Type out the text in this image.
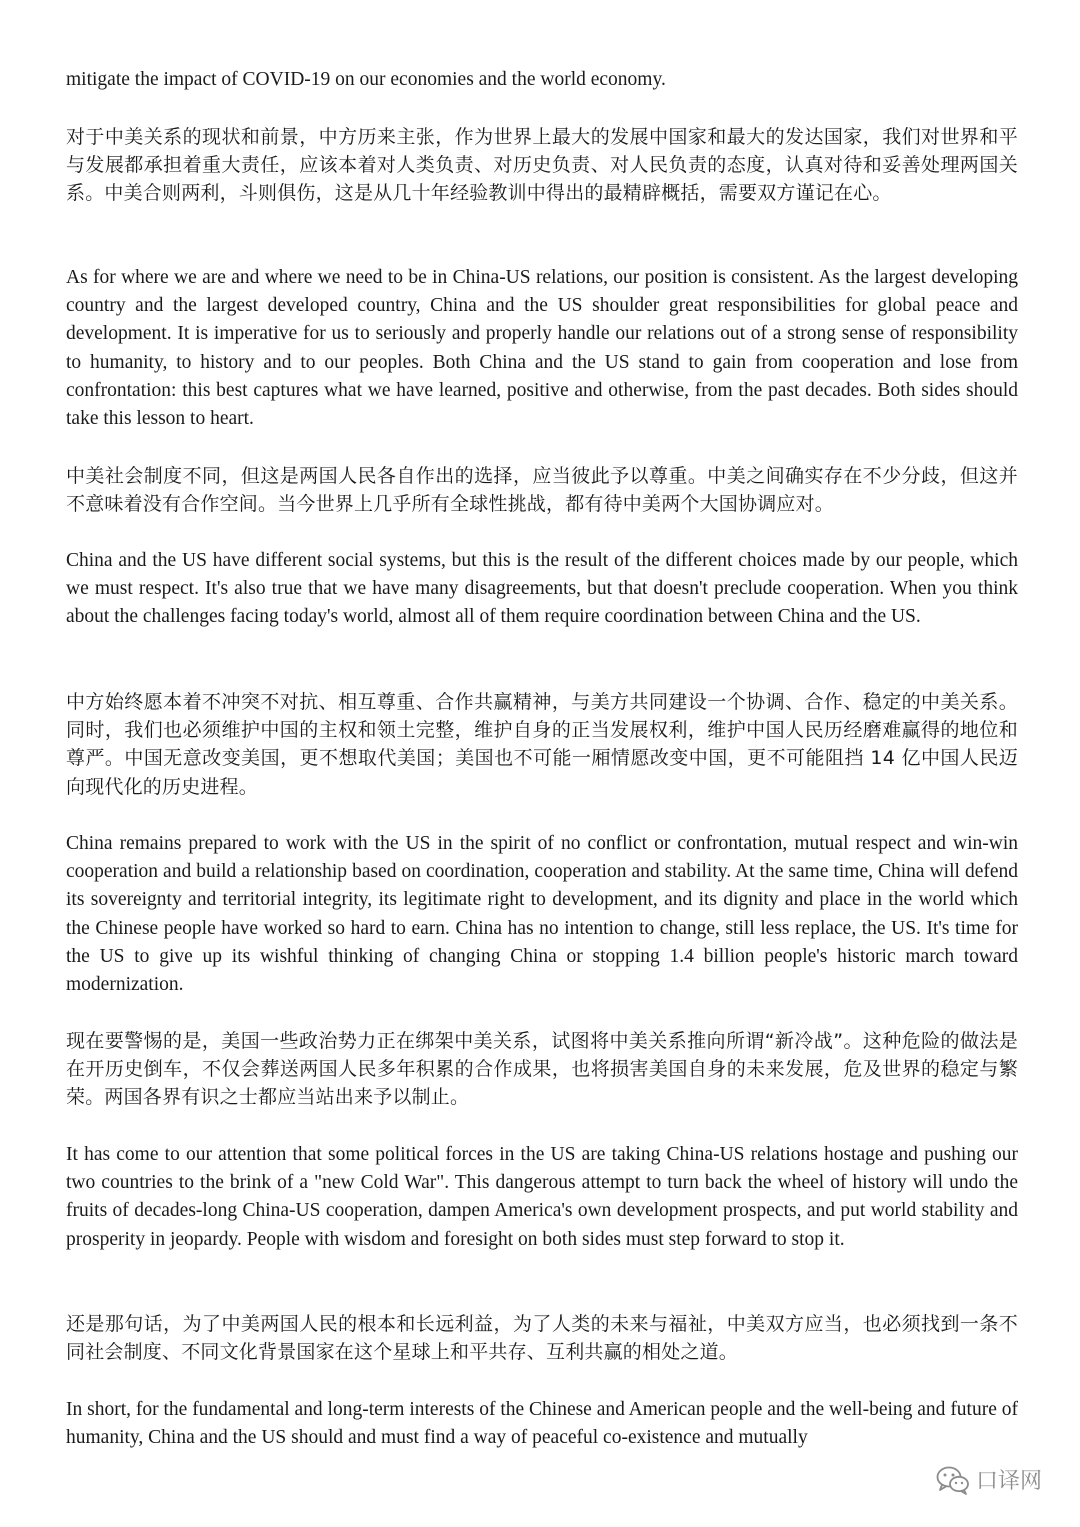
mitigate the impact of COVID-19 on our economies and the world economy.

对于中美关系的现状和前景，中方历来主张，作为世界上最大的发展中国家和最大的发达国家，我们对世界和平与发展都承担着重大责任，应该本着对人类负责、对历史负责、对人民负责的态度，认真对待和妥善处理两国关系。中美合则两利，斗则俱伤，这是从几十年经验教训中得出的最精辟概括，需要双方谨记在心。

As for where we are and where we need to be in China-US relations, our position is consistent. As the largest developing country and the largest developed country, China and the US shoulder great responsibilities for global peace and development. It is imperative for us to seriously and properly handle our relations out of a strong sense of responsibility to humanity, to history and to our peoples. Both China and the US stand to gain from cooperation and lose from confrontation: this best captures what we have learned, positive and otherwise, from the past decades. Both sides should take this lesson to heart.

中美社会制度不同，但这是两国人民各自作出的选择，应当彼此予以尊重。中美之间确实存在不少分歧，但这并不意味着没有合作空间。当今世界上几乎所有全球性挑战，都有待中美两个大国协调应对。

China and the US have different social systems, but this is the result of the different choices made by our people, which we must respect. It's also true that we have many disagreements, but that doesn't preclude cooperation. When you think about the challenges facing today's world, almost all of them require coordination between China and the US.

中方始终愿本着不冲突不对抗、相互尊重、合作共赢精神，与美方共同建设一个协调、合作、稳定的中美关系。同时，我们也必须维护中国的主权和领土完整，维护自身的正当发展权利，维护中国人民历经磨难赢得的地位和尊严。中国无意改变美国，更不想取代美国；美国也不可能一厢情愿改变中国，更不可能阻挡 14 亿中国人民迈向现代化的历史进程。

China remains prepared to work with the US in the spirit of no conflict or confrontation, mutual respect and win-win cooperation and build a relationship based on coordination, cooperation and stability. At the same time, China will defend its sovereignty and territorial integrity, its legitimate right to development, and its dignity and place in the world which the Chinese people have worked so hard to earn. China has no intention to change, still less replace, the US. It's time for the US to give up its wishful thinking of changing China or stopping 1.4 billion people's historic march toward modernization.

现在要警惕的是，美国一些政治势力正在绑架中美关系，试图将中美关系推向所谓“新冷战”。这种危险的做法是在开历史倒车，不仅会葬送两国人民多年积累的合作成果，也将损害美国自身的未来发展，危及世界的稳定与繁荣。两国各界有识之士都应当站出来予以制止。

It has come to our attention that some political forces in the US are taking China-US relations hostage and pushing our two countries to the brink of a "new Cold War". This dangerous attempt to turn back the wheel of history will undo the fruits of decades-long China-US cooperation, dampen America's own development prospects, and put world stability and prosperity in jeopardy. People with wisdom and foresight on both sides must step forward to stop it.

还是那句话，为了中美两国人民的根本和长远利益，为了人类的未来与福祉，中美双方应当，也必须找到一条不同社会制度、不同文化背景国家在这个星球上和平共存、互利共赢的相处之道。

In short, for the fundamental and long-term interests of the Chinese and American people and the well-being and future of humanity, China and the US should and must find a way of peaceful co-existence and mutually

口译网
